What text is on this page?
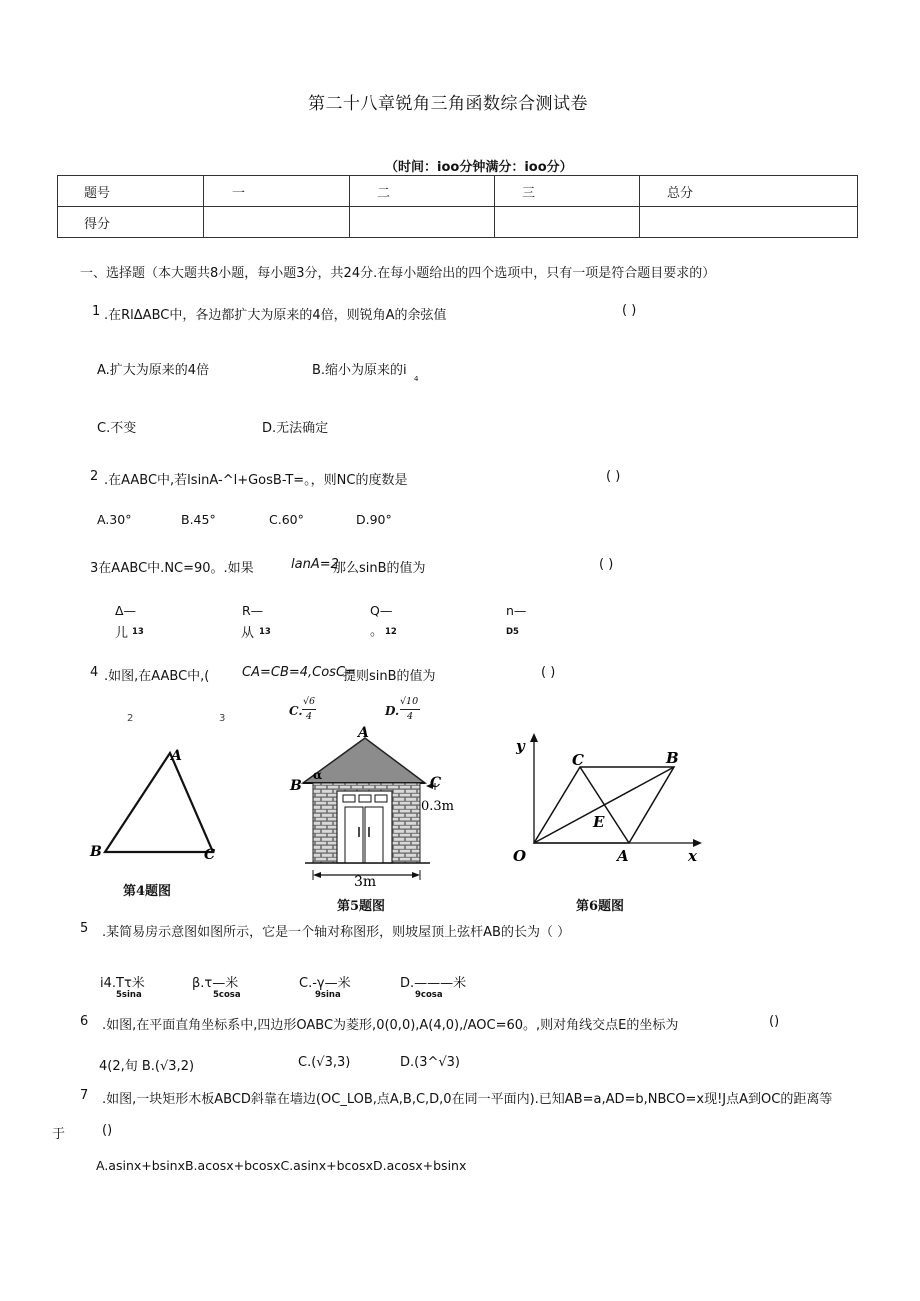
第二十八章锐角三角函数综合测试卷
（时间：ioo分钟满分：ioo分）
题号	一	二	三	总分
得分				
一、选择题（本大题共8小题，每小题3分，共24分.在每小题给出的四个选项中，只有一项是符合题目要求的）
1 .在RlΔABC中，各边都扩大为原来的4倍，则锐角A的余弦值	( )
A.扩大为原来的4倍	B.缩小为原来的i
4
C.不变	D.无法确定
2 .在AABC中,若lsinA-^l+GosB-T=。，则NC的度数是	( )
A.30°	B.45°	C.60°	D.90°
3在AABC中.NC=90。.如果	lanA=2
那么sinB的值为	( )
Δ—
儿 13
R—
从 13
Q—
。 12
n—
D5
4 .如图,在AABC中,(	CA=CB=4,CosC=
提则sinB的值为	( )
2	3
C.
√6
4	D.
√10
4
A
B	C
第4题图
A
B
α	C
0.3m
3m
第5题图
y
x
O	A
B
C
E
第6题图
5 .某简易房示意图如图所示，它是一个轴对称图形，则坡屋顶上弦杆AB的长为（ ）
i4.Tτ米
5sina
β.τ—米
5cosa
C.-γ—米
9sina
D.———米
9cosa
6 .如图,在平面直角坐标系中,四边形OABC为菱形,0(0,0),A(4,0),/AOC=60。,则对角线交点E的坐标为	()
4(2,旬 B.(√3,2)	C.(√3,3)	D.(3^√3)
7 .如图,一块矩形木板ABCD斜靠在墙边(OC_LOB,点A,B,C,D,0在同一平面内).已知AB=a,AD=b,NBCO=x现!J点A到OC的距离等
于	()
A.asinx+bsinxB.acosx+bcosxC.asinx+bcosxD.acosx+bsinx
